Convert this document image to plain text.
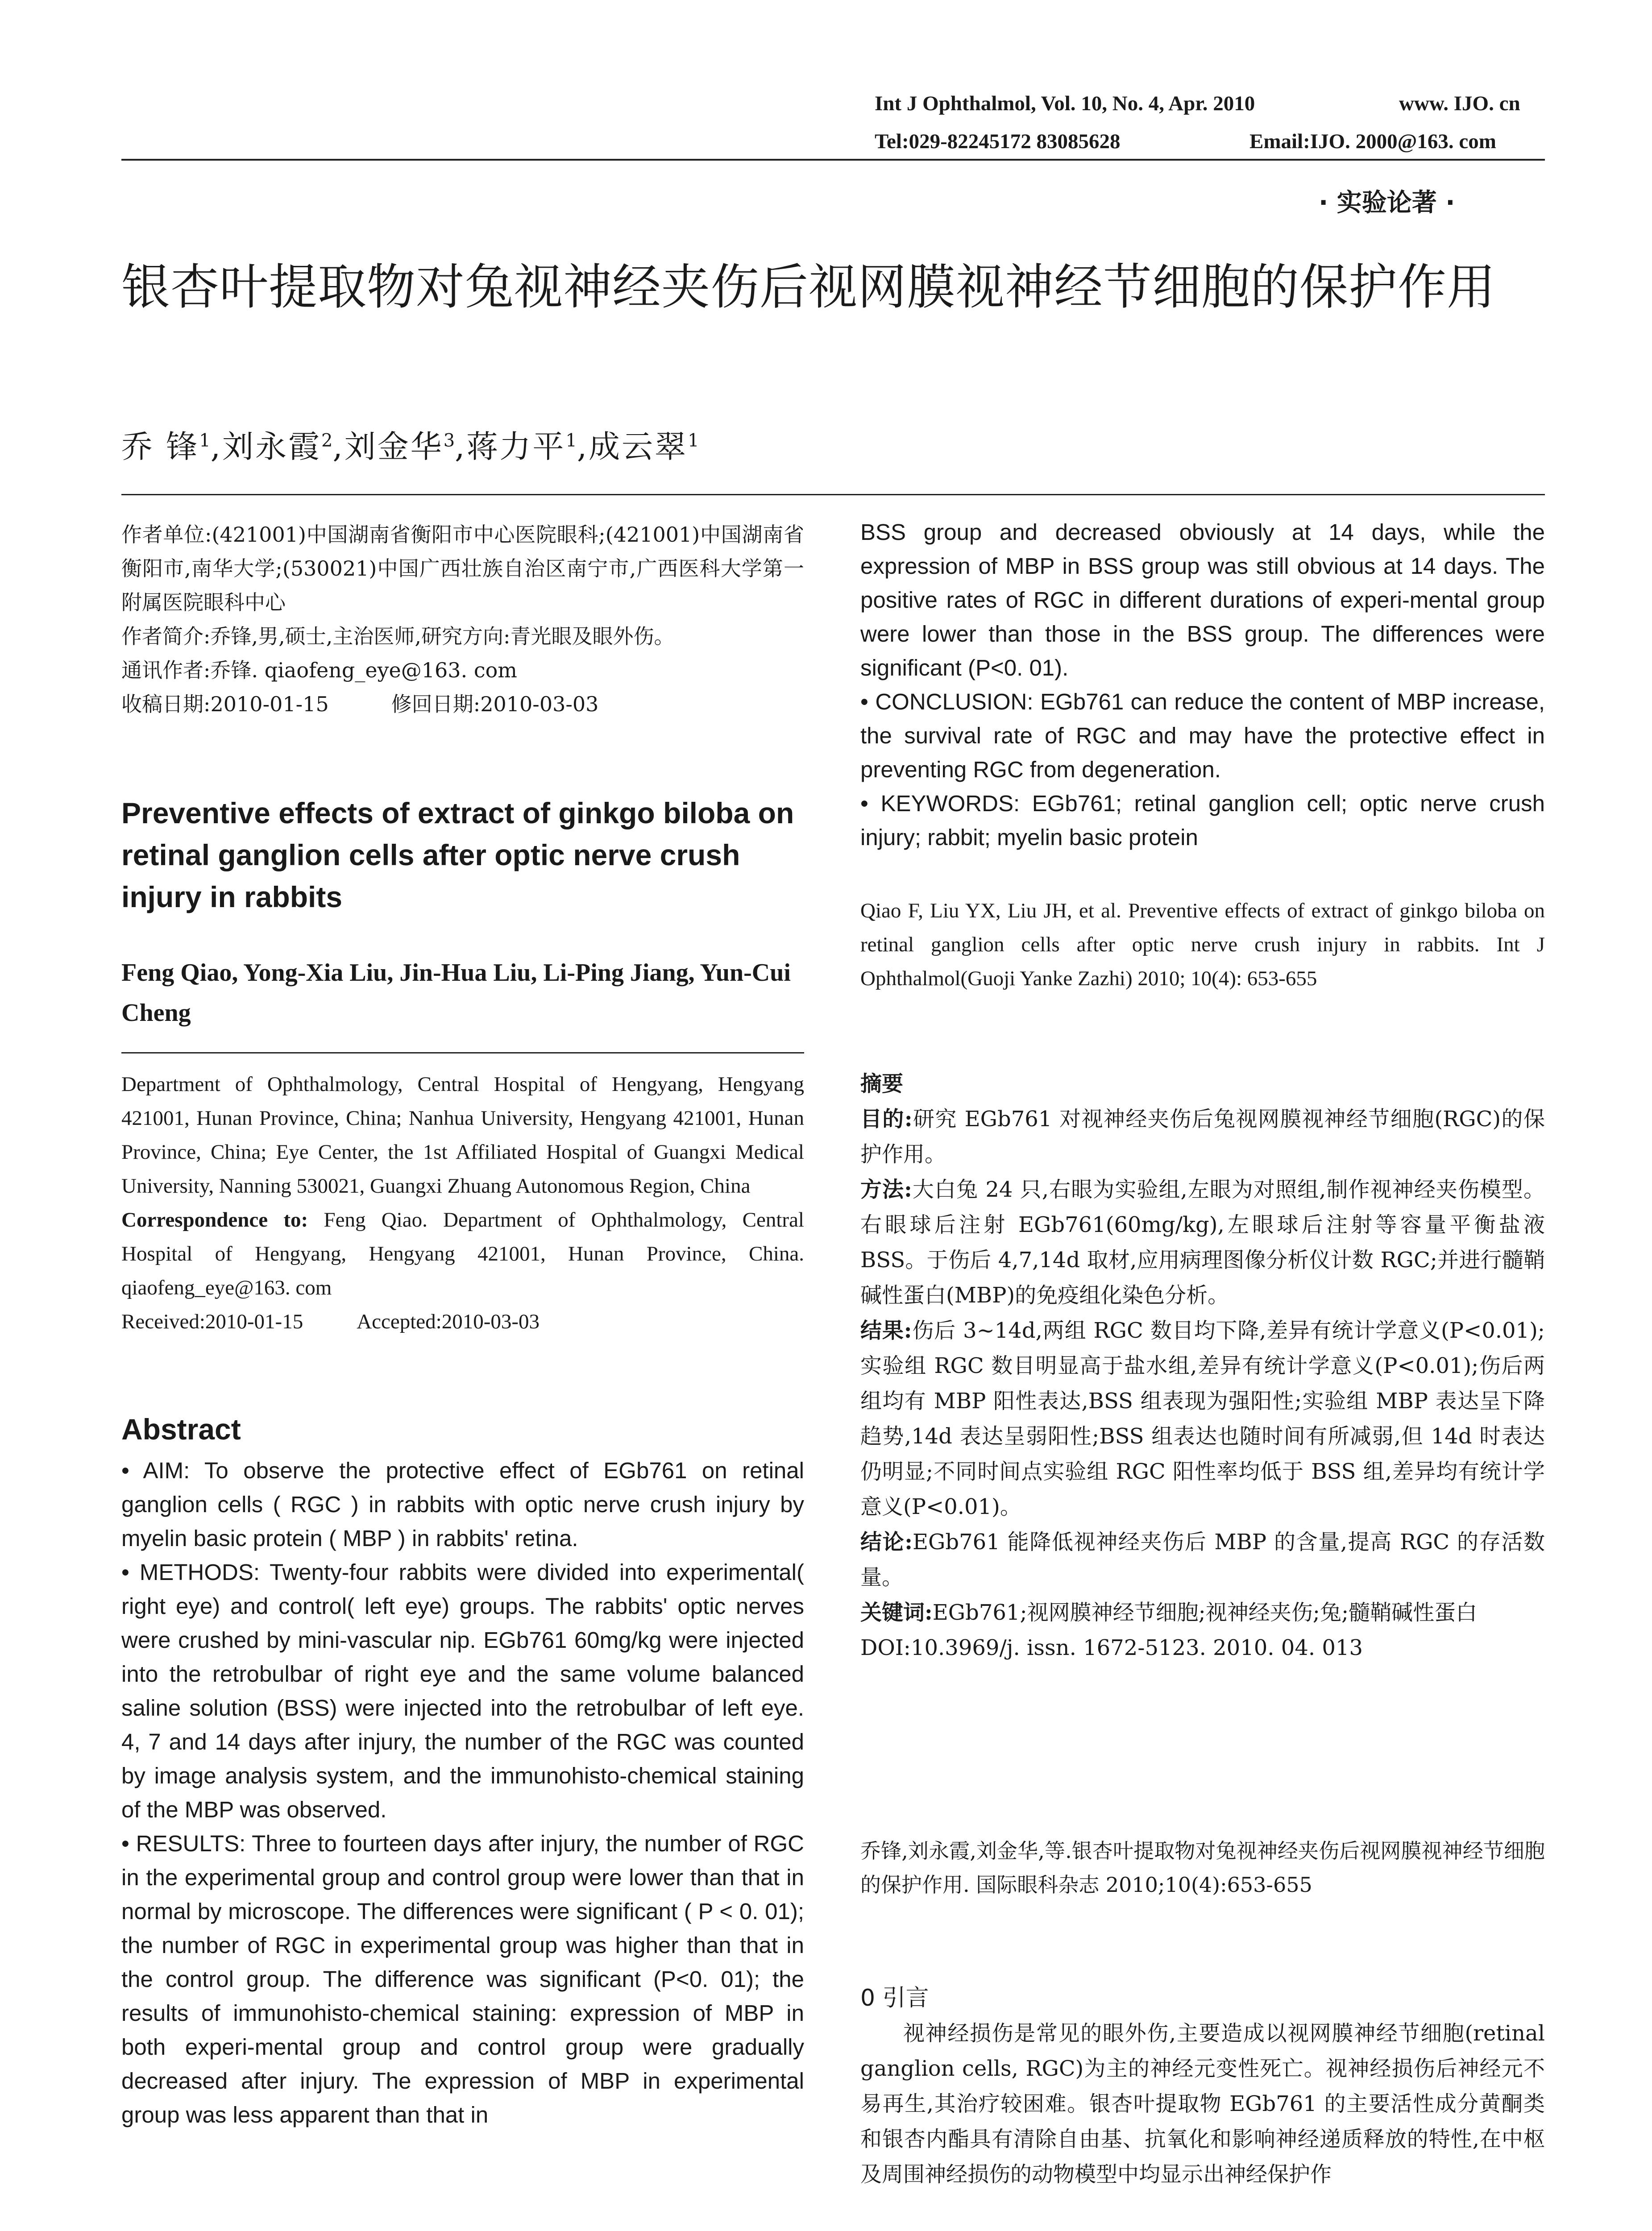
Int J Ophthalmol, Vol. 10, No. 4, Apr. 2010	www. IJO. cn
Tel:029-82245172 83085628	Email:IJO. 2000@163. com
· 实验论著 ·
银杏叶提取物对兔视神经夹伤后视网膜视神经节细胞的保护作用
乔 锋$^1$,刘永霞$^2$,刘金华$^3$,蒋力平$^1$,成云翠$^1$

作者单位:(421001)中国湖南省衡阳市中心医院眼科;(421001)中国湖南省衡阳市,南华大学;(530021)中国广西壮族自治区南宁市,广西医科大学第一附属医院眼科中心

作者简介:乔锋,男,硕士,主治医师,研究方向:青光眼及眼外伤。

通讯作者:乔锋. qiaofeng_eye@163. com

收稿日期:2010-01-15	修回日期:2010-03-03

Preventive effects of extract of ginkgo biloba on retinal ganglion cells after optic nerve crush injury in rabbits
Feng Qiao, Yong-Xia Liu, Jin-Hua Liu, Li-Ping Jiang, Yun-Cui Cheng

Department of Ophthalmology, Central Hospital of Hengyang, Hengyang 421001, Hunan Province, China; Nanhua University, Hengyang 421001, Hunan Province, China; Eye Center, the 1st Affiliated Hospital of Guangxi Medical University, Nanning 530021, Guangxi Zhuang Autonomous Region, China

Correspondence to: Feng Qiao. Department of Ophthalmology, Central Hospital of Hengyang, Hengyang 421001, Hunan Province, China. qiaofeng_eye@163. com

Received:2010-01-15	Accepted:2010-03-03

Abstract

• AIM: To observe the protective effect of EGb761 on retinal ganglion cells ( RGC ) in rabbits with optic nerve crush injury by myelin basic protein ( MBP ) in rabbits' retina.

• METHODS: Twenty-four rabbits were divided into experimental( right eye) and control( left eye) groups. The rabbits' optic nerves were crushed by mini-vascular nip. EGb761 60mg/kg were injected into the retrobulbar of right eye and the same volume balanced saline solution (BSS) were injected into the retrobulbar of left eye. 4, 7 and 14 days after injury, the number of the RGC was counted by image analysis system, and the immunohisto-chemical staining of the MBP was observed.

• RESULTS: Three to fourteen days after injury, the number of RGC in the experimental group and control group were lower than that in normal by microscope. The differences were significant ( P < 0. 01); the number of RGC in experimental group was higher than that in the control group. The difference was significant (P<0. 01); the results of immunohisto-chemical staining: expression of MBP in both experi-mental group and control group were gradually decreased after injury. The expression of MBP in experimental group was less apparent than that in

BSS group and decreased obviously at 14 days, while the expression of MBP in BSS group was still obvious at 14 days. The positive rates of RGC in different durations of experi-mental group were lower than those in the BSS group. The differences were significant (P<0. 01).

• CONCLUSION: EGb761 can reduce the content of MBP increase, the survival rate of RGC and may have the protective effect in preventing RGC from degeneration.

• KEYWORDS: EGb761; retinal ganglion cell; optic nerve crush injury; rabbit; myelin basic protein

Qiao F, Liu YX, Liu JH, et al. Preventive effects of extract of ginkgo biloba on retinal ganglion cells after optic nerve crush injury in rabbits. Int J Ophthalmol(Guoji Yanke Zazhi) 2010; 10(4): 653-655

摘要

目的:研究 EGb761 对视神经夹伤后兔视网膜视神经节细胞(RGC)的保护作用。

方法:大白兔 24 只,右眼为实验组,左眼为对照组,制作视神经夹伤模型。右眼球后注射 EGb761(60mg/kg),左眼球后注射等容量平衡盐液 BSS。于伤后 4,7,14d 取材,应用病理图像分析仪计数 RGC;并进行髓鞘碱性蛋白(MBP)的免疫组化染色分析。

结果:伤后 3~14d,两组 RGC 数目均下降,差异有统计学意义(P<0.01);实验组 RGC 数目明显高于盐水组,差异有统计学意义(P<0.01);伤后两组均有 MBP 阳性表达,BSS 组表现为强阳性;实验组 MBP 表达呈下降趋势,14d 表达呈弱阳性;BSS 组表达也随时间有所减弱,但 14d 时表达仍明显;不同时间点实验组 RGC 阳性率均低于 BSS 组,差异均有统计学意义(P<0.01)。

结论:EGb761 能降低视神经夹伤后 MBP 的含量,提高 RGC 的存活数量。

关键词:EGb761;视网膜神经节细胞;视神经夹伤;兔;髓鞘碱性蛋白

DOI:10.3969/j. issn. 1672-5123. 2010. 04. 013

乔锋,刘永霞,刘金华,等.银杏叶提取物对兔视神经夹伤后视网膜视神经节细胞的保护作用. 国际眼科杂志 2010;10(4):653-655
0 引言
视神经损伤是常见的眼外伤,主要造成以视网膜神经节细胞(retinal ganglion cells, RGC)为主的神经元变性死亡。视神经损伤后神经元不易再生,其治疗较困难。银杏叶提取物 EGb761 的主要活性成分黄酮类和银杏内酯具有清除自由基、抗氧化和影响神经递质释放的特性,在中枢及周围神经损伤的动物模型中均显示出神经保护作
